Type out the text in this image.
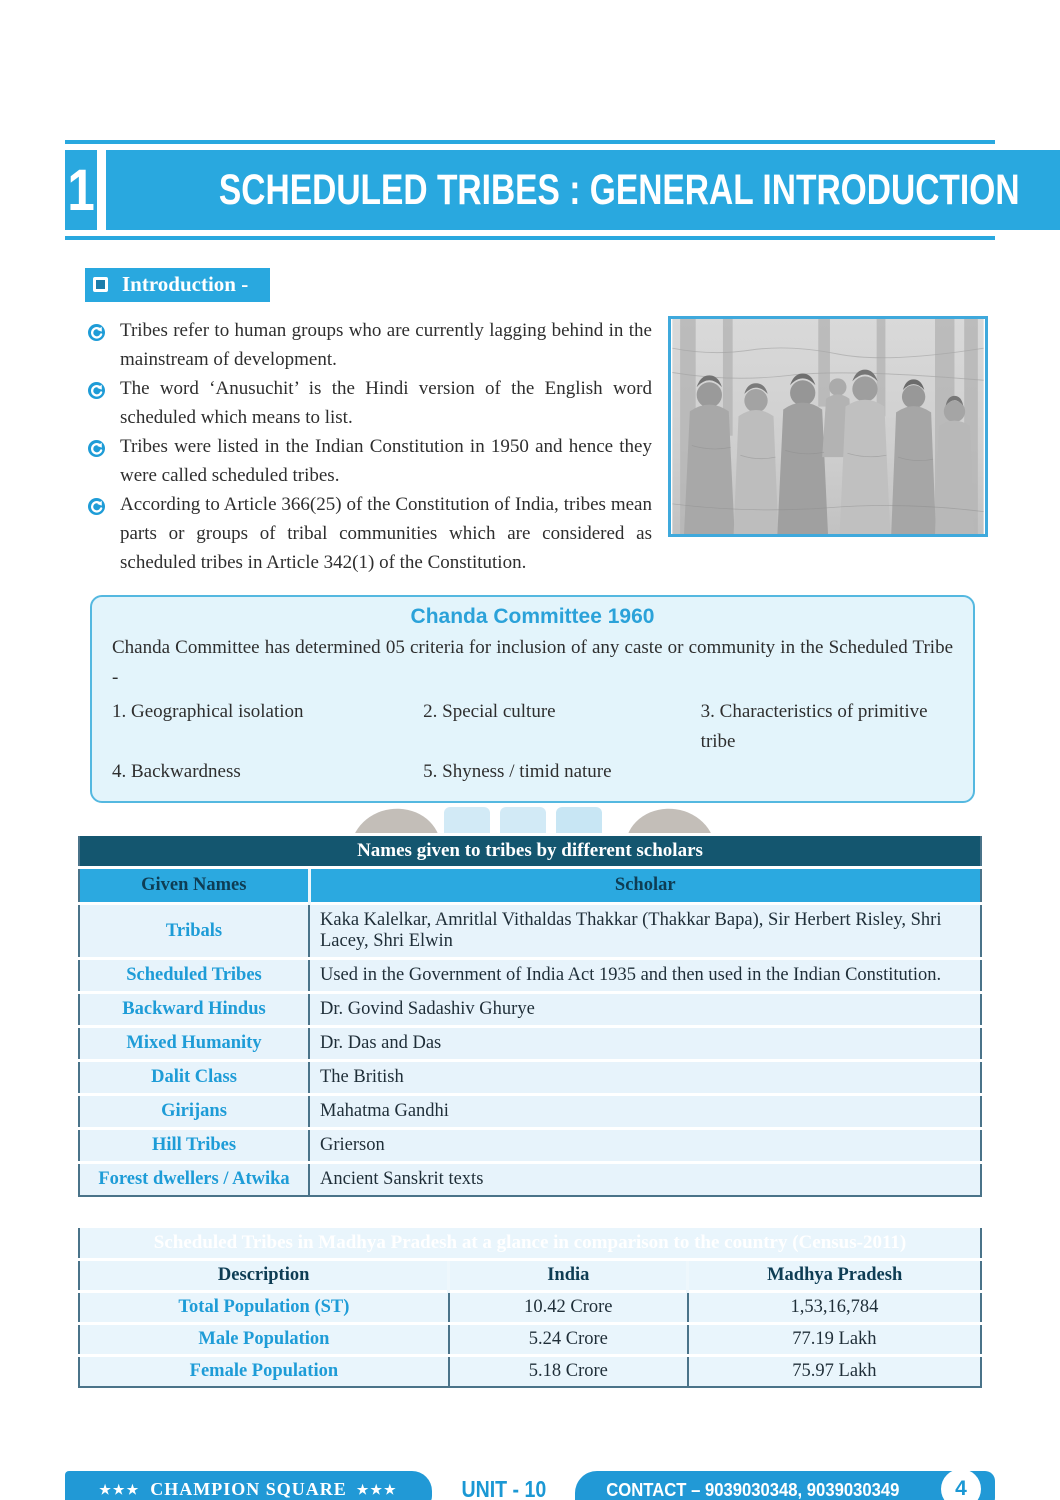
1	SCHEDULED TRIBES : GENERAL INTRODUCTION
Introduction -
Tribes refer to human groups who are currently lagging behind in the mainstream of development.
The word ‘Anusuchit’ is the Hindi version of the English word scheduled which means to list.
Tribes were listed in the Indian Constitution in 1950 and hence they were called scheduled tribes.
According to Article 366(25) of the Constitution of India, tribes mean parts or groups of tribal communities which are considered as scheduled tribes in Article 342(1) of the Constitution.
Chanda Committee 1960
Chanda Committee has determined 05 criteria for inclusion of any caste or community in the Scheduled Tribe -
1. Geographical isolation	2. Special culture	3. Characteristics of primitive tribe
4. Backwardness	5. Shyness / timid nature
Names given to tribes by different scholars	
Given Names	Scholar
Tribals	Kaka Kalelkar, Amritlal Vithaldas Thakkar (Thakkar Bapa), Sir Herbert Risley, Shri Lacey, Shri Elwin
Scheduled Tribes	Used in the Government of India Act 1935 and then used in the Indian Constitution.
Backward Hindus	Dr. Govind Sadashiv Ghurye
Mixed Humanity	Dr. Das and Das
Dalit Class	The British
Girijans	Mahatma Gandhi
Hill Tribes	Grierson
Forest dwellers / Atwika	Ancient Sanskrit texts
Scheduled Tribes in Madhya Pradesh at a glance in comparison to the country (Census-2011)		
Description	India	Madhya Pradesh
Total Population (ST)	10.42 Crore	1,53,16,784
Male Population	5.24 Crore	77.19 Lakh
Female Population	5.18 Crore	75.97 Lakh
★★★ CHAMPION SQUARE ★★★	UNIT - 10	CONTACT – 9039030348, 9039030349	4
